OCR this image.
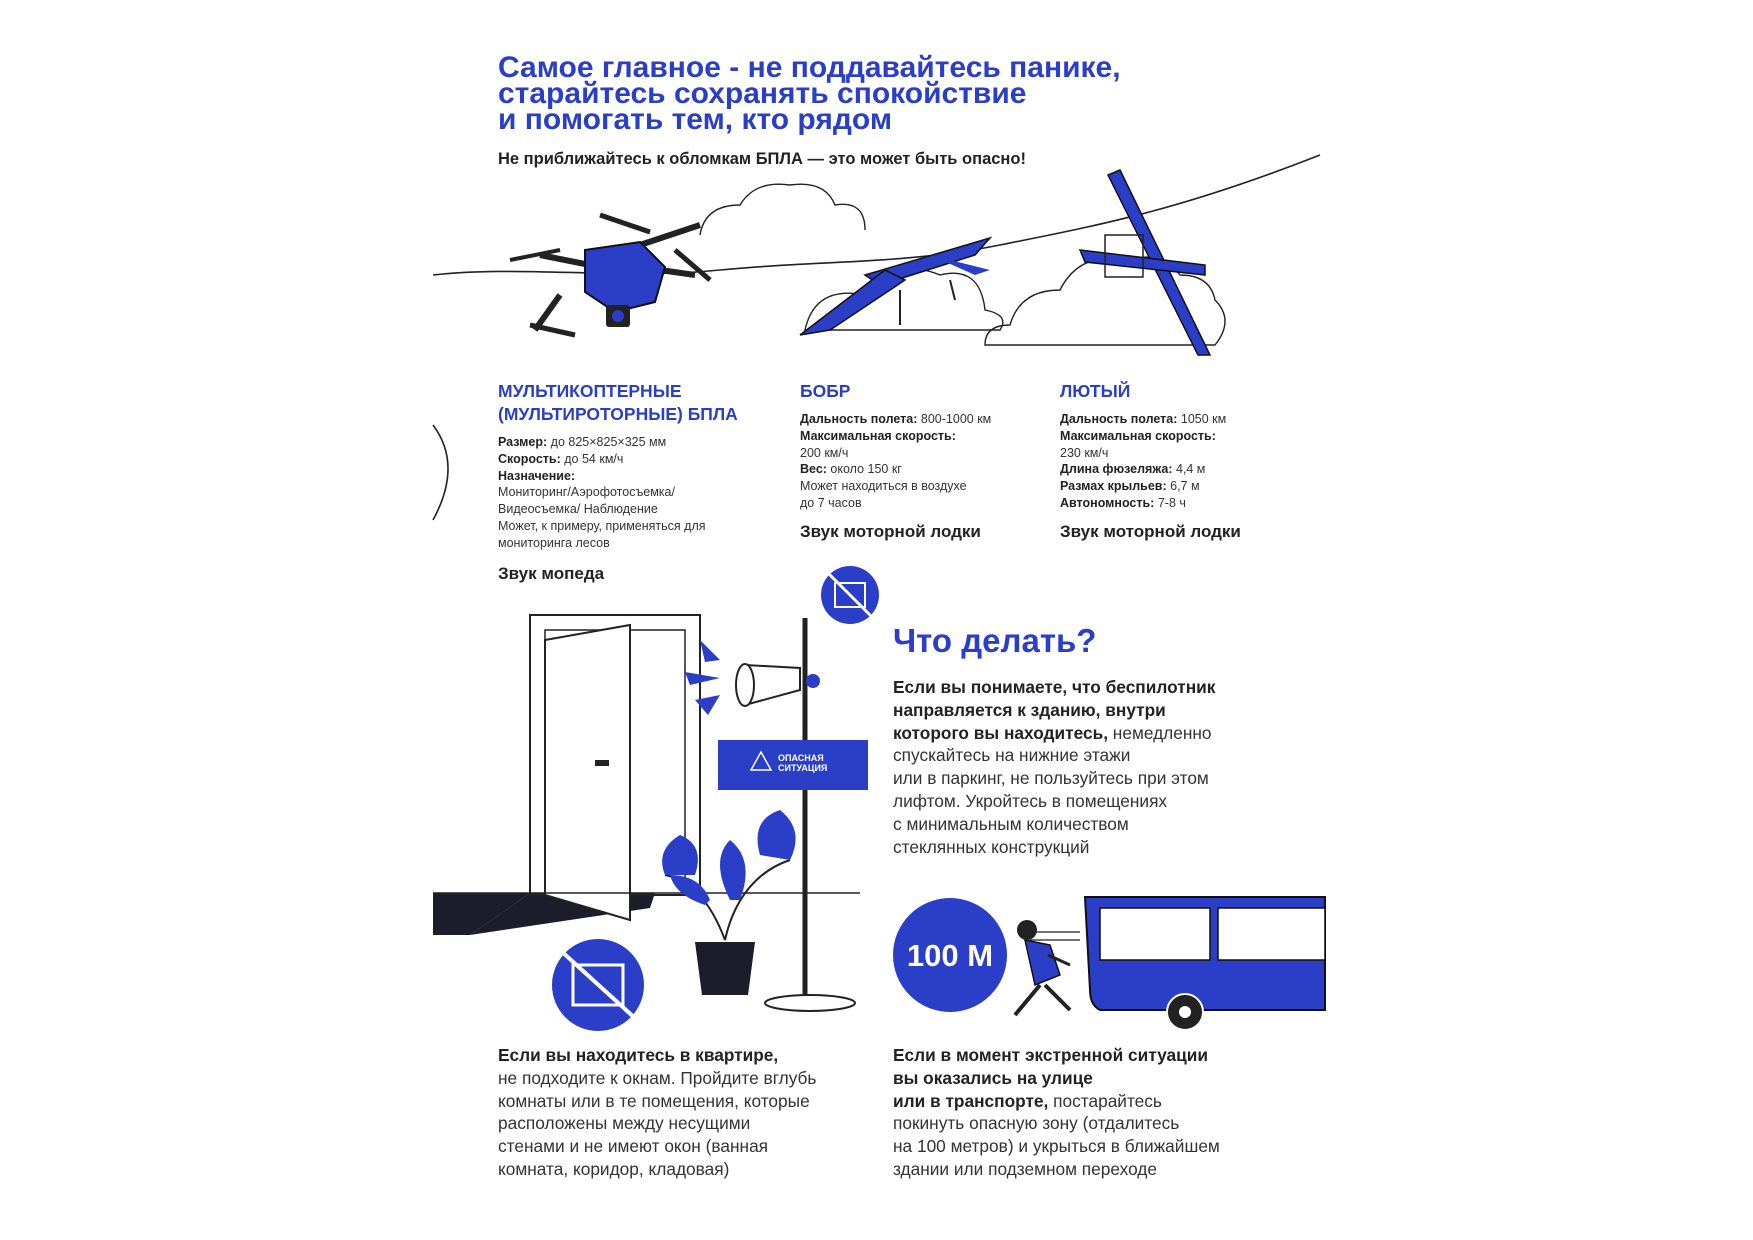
Самое главное - не поддавайтесь панике,
старайтесь сохранять спокойствие
и помогать тем, кто рядом
Не приближайтесь к обломкам БПЛА — это может быть опасно!
ОПАСНАЯ
СИТУАЦИЯ
100 М
МУЛЬТИКОПТЕРНЫЕ
(МУЛЬТИРОТОРНЫЕ) БПЛА
Размер: до 825×825×325 мм
Скорость: до 54 км/ч
Назначение:
Мониторинг/Аэрофотосъемка/
Видеосъемка/ Наблюдение
Может, к примеру, применяться для
мониторинга лесов
Звук мопеда
БОБР
Дальность полета: 800-1000 км
Максимальная скорость:
200 км/ч
Вес: около 150 кг
Может находиться в воздухе
до 7 часов
Звук моторной лодки
ЛЮТЫЙ
Дальность полета: 1050 км
Максимальная скорость:
230 км/ч
Длина фюзеляжа: 4,4 м
Размах крыльев: 6,7 м
Автономность: 7-8 ч
Звук моторной лодки
Что делать?
Если вы понимаете, что беспилотник
направляется к зданию, внутри
которого вы находитесь, немедленно
спускайтесь на нижние этажи
или в паркинг, не пользуйтесь при этом
лифтом. Укройтесь в помещениях
с минимальным количеством
стеклянных конструкций
Если вы находитесь в квартире,
не подходите к окнам. Пройдите вглубь
комнаты или в те помещения, которые
расположены между несущими
стенами и не имеют окон (ванная
комната, коридор, кладовая)
Если в момент экстренной ситуации
вы оказались на улице
или в транспорте, постарайтесь
покинуть опасную зону (отдалитесь
на 100 метров) и укрыться в ближайшем
здании или подземном переходе
